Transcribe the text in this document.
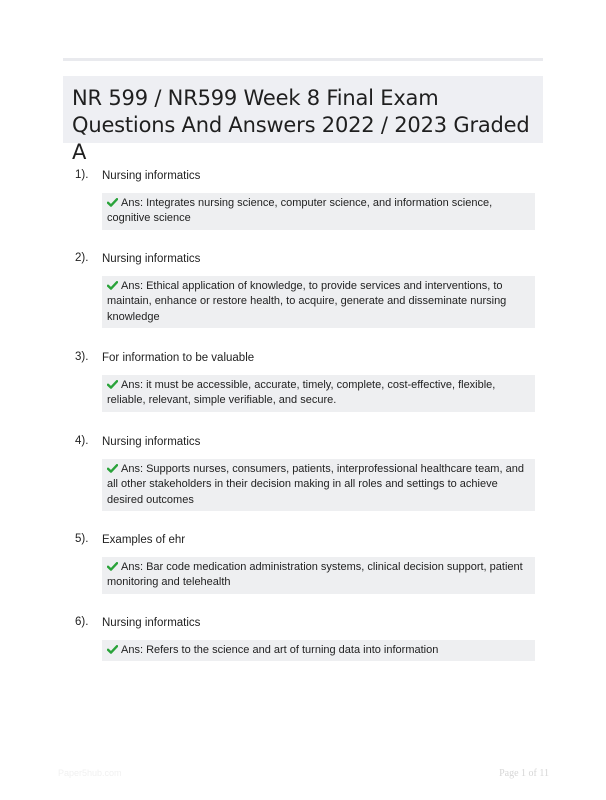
NR 599 / NR599 Week 8 Final Exam Questions And Answers 2022 / 2023 Graded A
1). Nursing informatics
Ans: Integrates nursing science, computer science, and information science, cognitive science
2). Nursing informatics
Ans: Ethical application of knowledge, to provide services and interventions, to maintain, enhance or restore health, to acquire, generate and disseminate nursing knowledge
3). For information to be valuable
Ans: it must be accessible, accurate, timely, complete, cost-effective, flexible, reliable, relevant, simple verifiable, and secure.
4). Nursing informatics
Ans: Supports nurses, consumers, patients, interprofessional healthcare team, and all other stakeholders in their decision making in all roles and settings to achieve desired outcomes
5). Examples of ehr
Ans: Bar code medication administration systems, clinical decision support, patient monitoring and telehealth
6). Nursing informatics
Ans: Refers to the science and art of turning data into information
Paper5hub.com	Page 1 of 11
